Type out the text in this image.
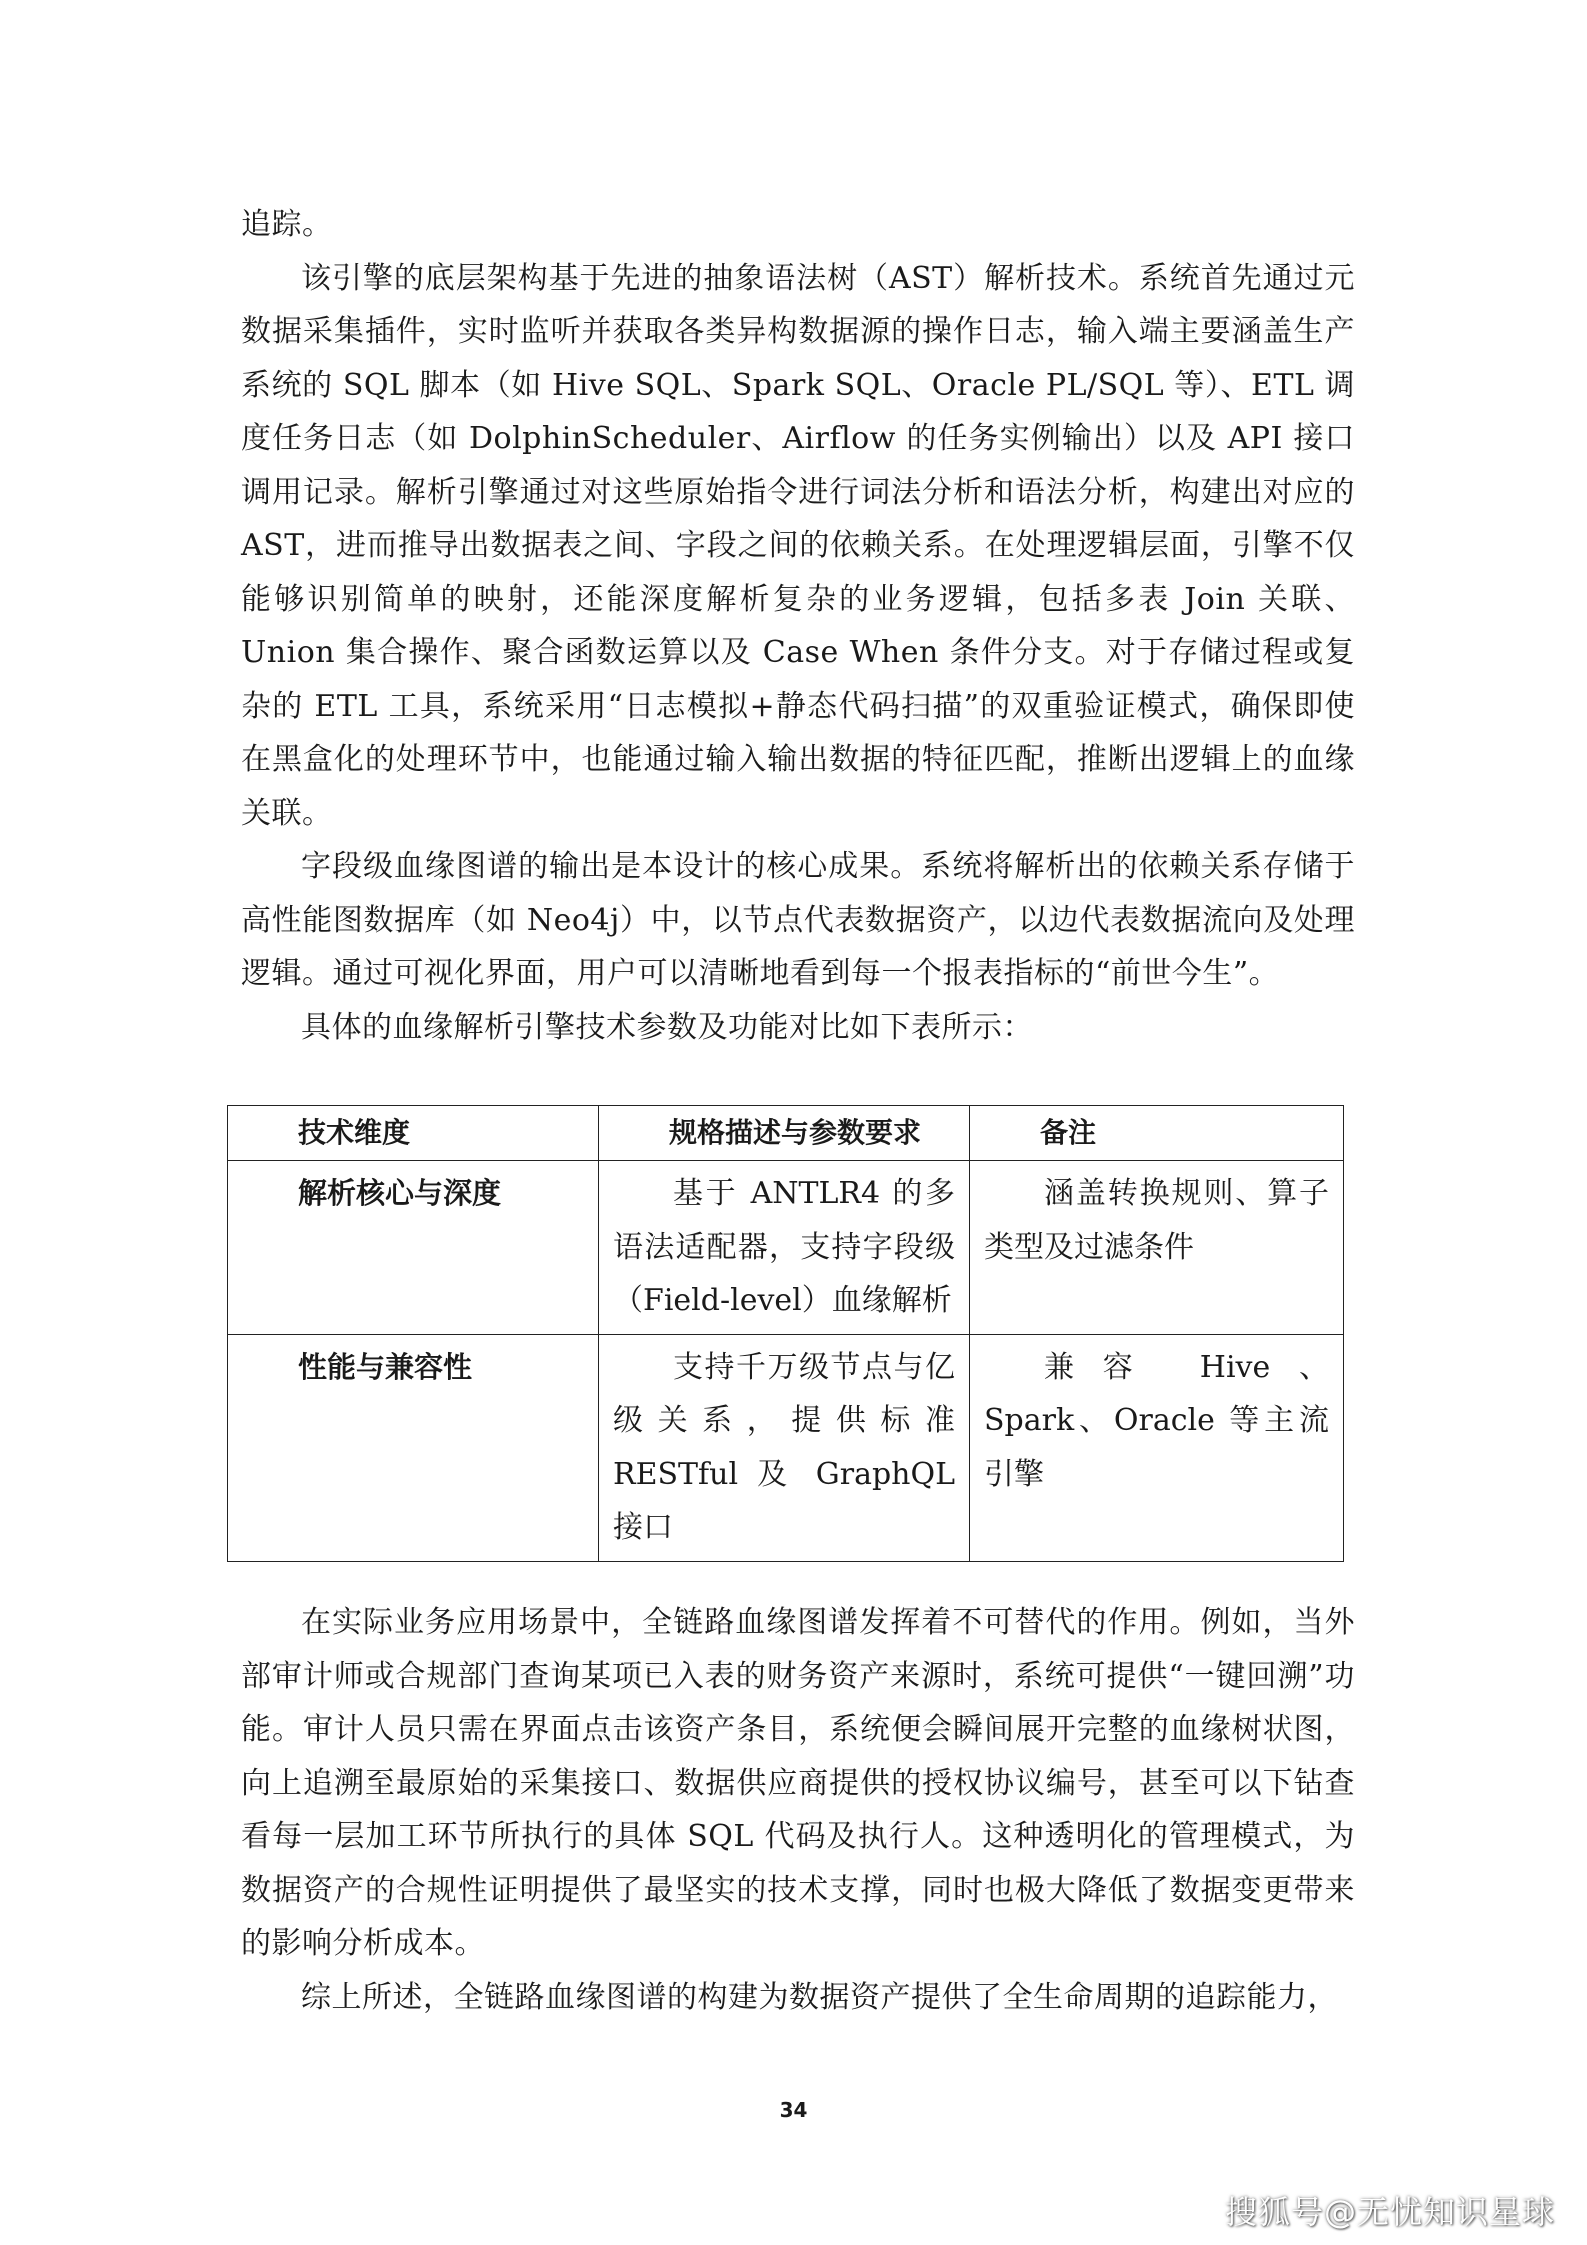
追踪。

该引擎的底层架构基于先进的抽象语法树（AST）解析技术。系统首先通过元数据采集插件，实时监听并获取各类异构数据源的操作日志，输入端主要涵盖生产系统的 SQL 脚本（如 Hive SQL、Spark SQL、Oracle PL/SQL 等）、ETL 调度任务日志（如 DolphinScheduler、Airflow 的任务实例输出）以及 API 接口调用记录。解析引擎通过对这些原始指令进行词法分析和语法分析，构建出对应的 AST，进而推导出数据表之间、字段之间的依赖关系。在处理逻辑层面，引擎不仅能够识别简单的映射，还能深度解析复杂的业务逻辑，包括多表 Join 关联、Union 集合操作、聚合函数运算以及 Case When 条件分支。对于存储过程或复杂的 ETL 工具，系统采用“日志模拟+静态代码扫描”的双重验证模式，确保即使在黑盒化的处理环节中，也能通过输入输出数据的特征匹配，推断出逻辑上的血缘关联。

字段级血缘图谱的输出是本设计的核心成果。系统将解析出的依赖关系存储于高性能图数据库（如 Neo4j）中，以节点代表数据资产，以边代表数据流向及处理逻辑。通过可视化界面，用户可以清晰地看到每一个报表指标的“前世今生”。

具体的血缘解析引擎技术参数及功能对比如下表所示：

技术维度	规格描述与参数要求	备注
解析核心与深度	基于 ANTLR4 的多语法适配器，支持字段级（Field-level）血缘解析	涵盖转换规则、算子类型及过滤条件
性能与兼容性	支持千万级节点与亿级关系，提供标准 RESTful 及 GraphQL 接口	兼容 Hive、Spark、Oracle 等主流引擎

在实际业务应用场景中，全链路血缘图谱发挥着不可替代的作用。例如，当外部审计师或合规部门查询某项已入表的财务资产来源时，系统可提供“一键回溯”功能。审计人员只需在界面点击该资产条目，系统便会瞬间展开完整的血缘树状图，向上追溯至最原始的采集接口、数据供应商提供的授权协议编号，甚至可以下钻查看每一层加工环节所执行的具体 SQL 代码及执行人。这种透明化的管理模式，为数据资产的合规性证明提供了最坚实的技术支撑，同时也极大降低了数据变更带来的影响分析成本。

综上所述，全链路血缘图谱的构建为数据资产提供了全生命周期的追踪能力，

34
搜狐号@无忧知识星球
